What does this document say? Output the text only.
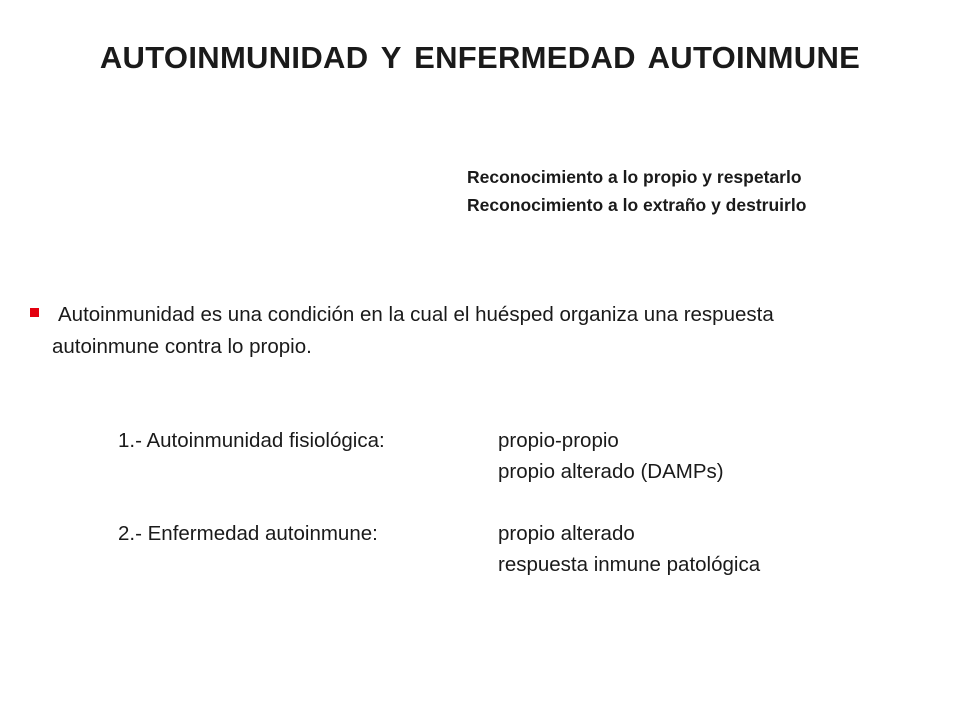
AUTOINMUNIDAD Y ENFERMEDAD AUTOINMUNE
Reconocimiento a lo propio y respetarlo
Reconocimiento a lo extraño y destruirlo
Autoinmunidad es una condición en la cual el huésped organiza una respuesta
autoinmune contra lo propio.
1.- Autoinmunidad fisiológica:	propio-propio
propio alterado (DAMPs)
2.- Enfermedad autoinmune:	propio alterado
respuesta inmune patológica
